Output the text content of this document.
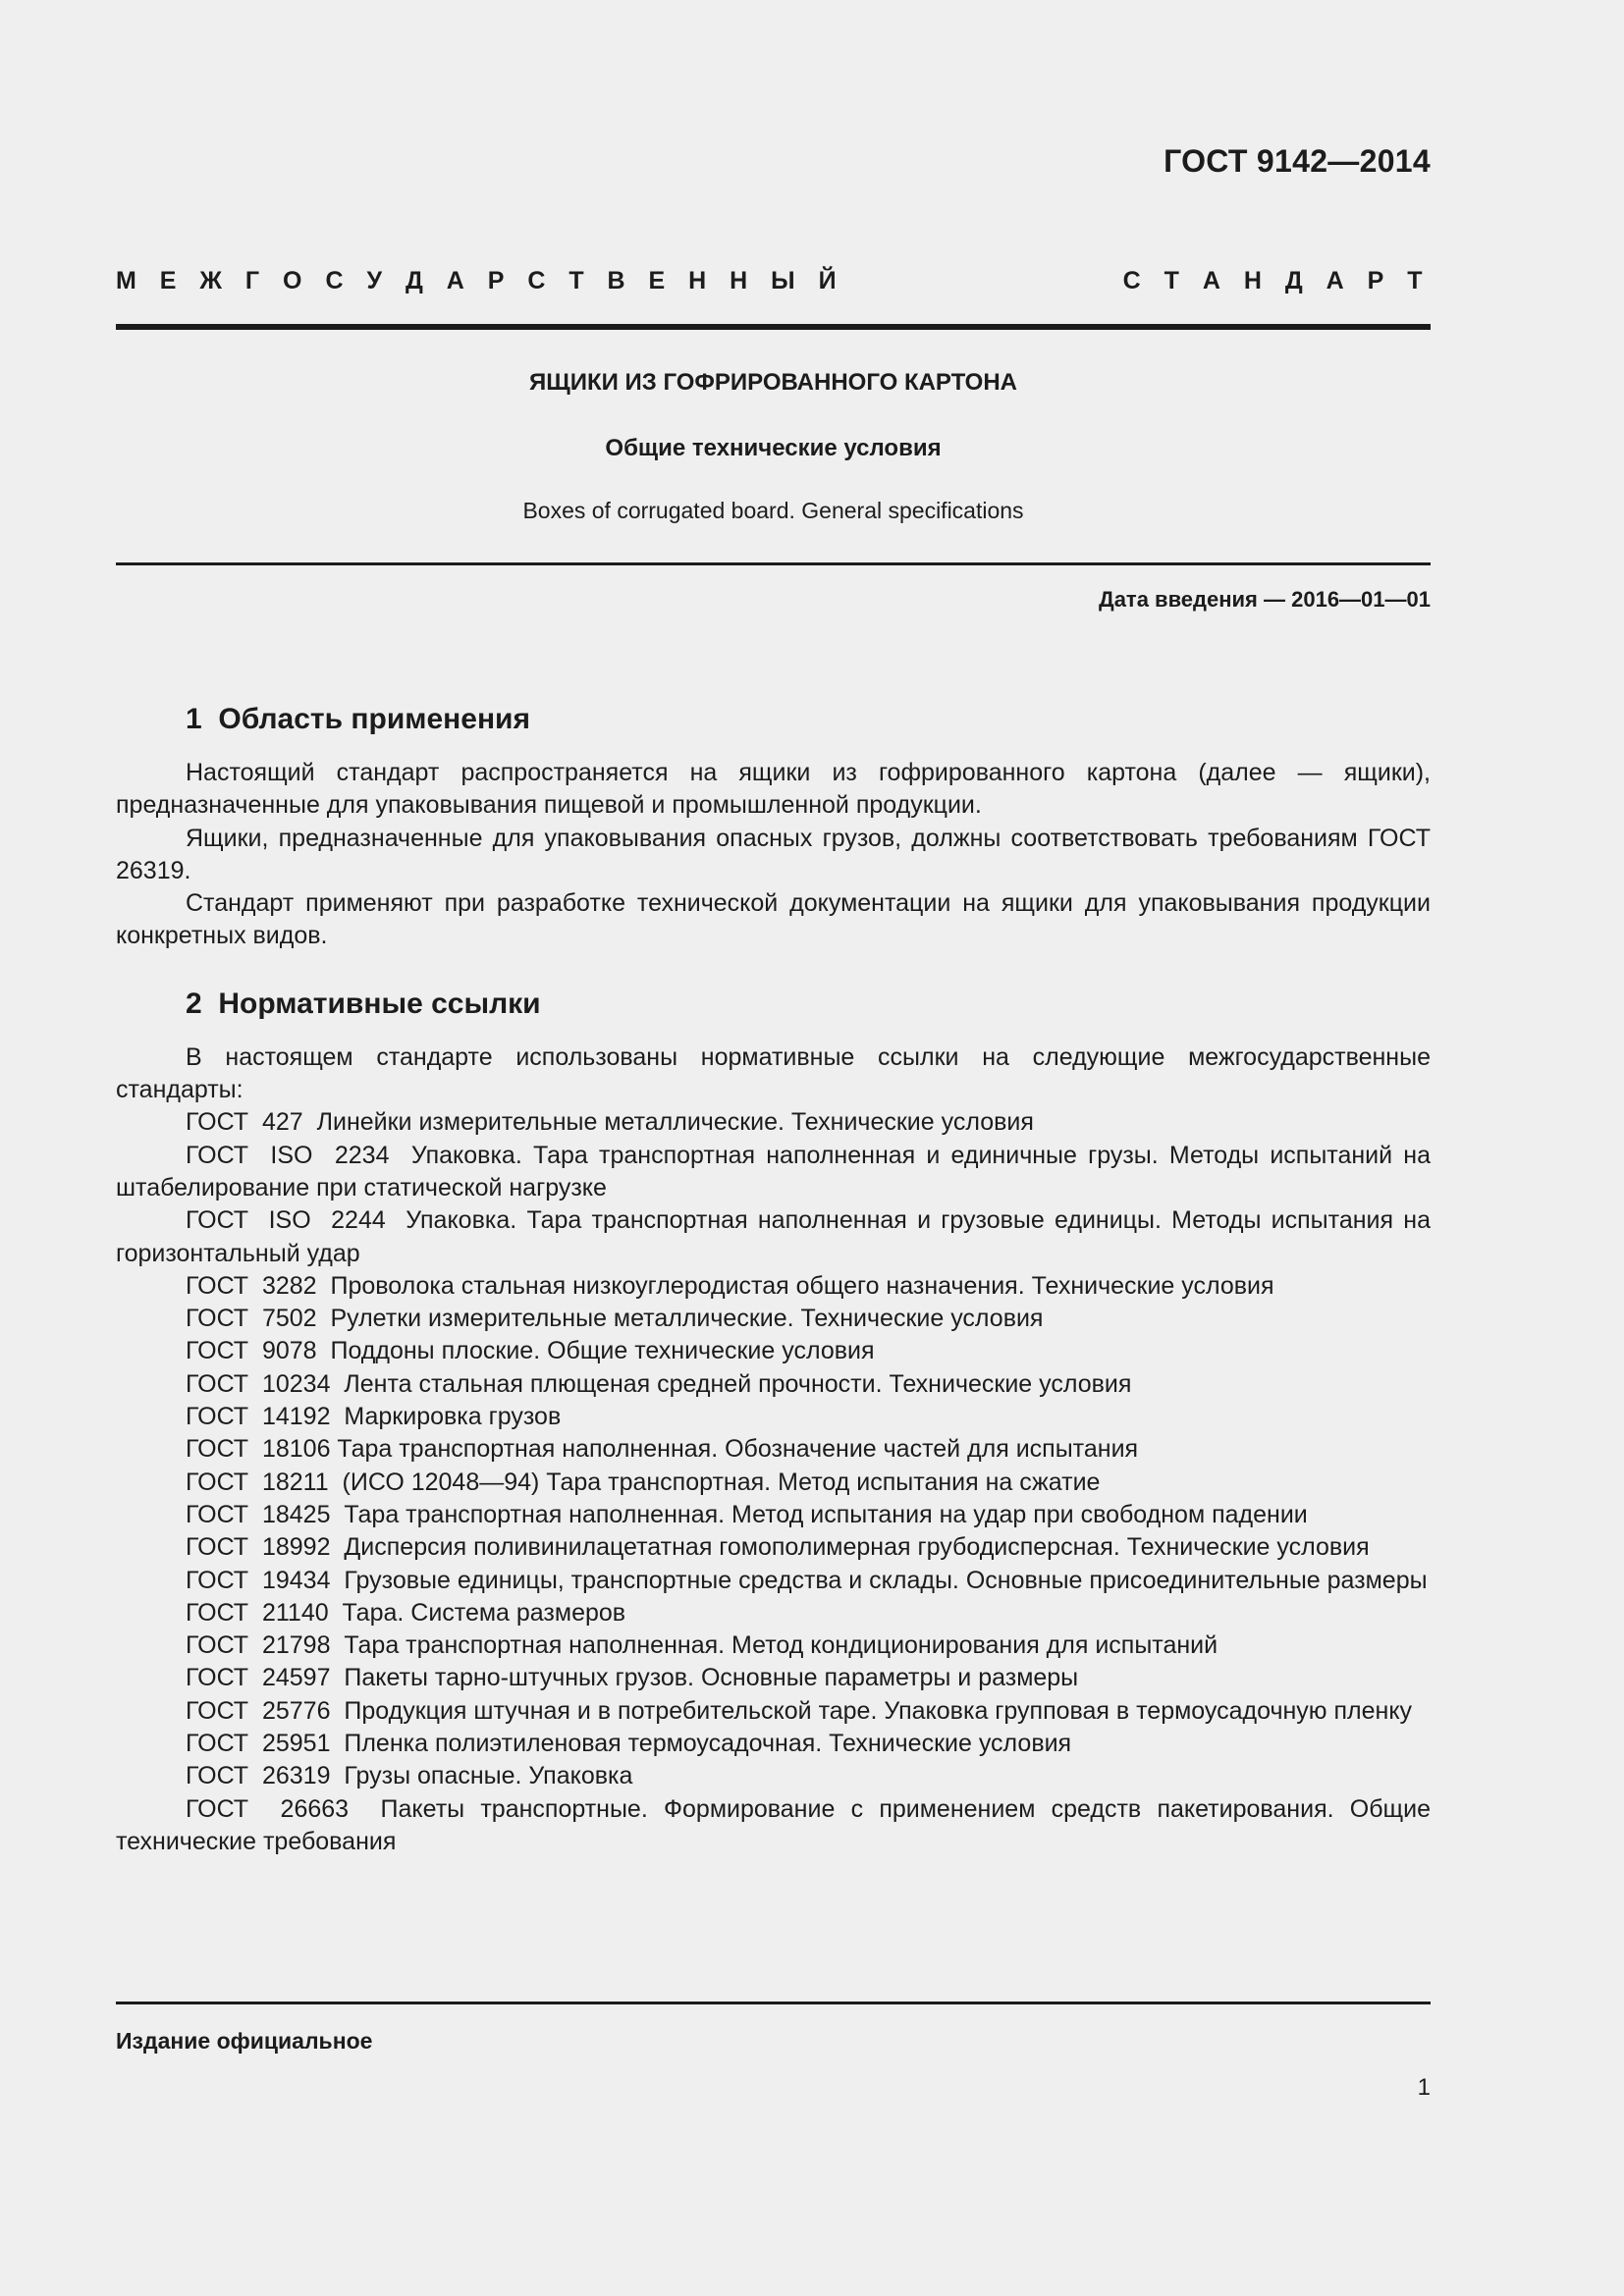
ГОСТ 9142—2014
М Е Ж Г О С У Д А Р С Т В Е Н Н Ы Й	С Т А Н Д А Р Т
ЯЩИКИ ИЗ ГОФРИРОВАННОГО КАРТОНА
Общие технические условия
Boxes of corrugated board. General specifications
Дата введения — 2016—01—01
1  Область применения

Настоящий стандарт распространяется на ящики из гофрированного картона (далее — ящики), предназначенные для упаковывания пищевой и промышленной продукции.

Ящики, предназначенные для упаковывания опасных грузов, должны соответствовать требованиям ГОСТ 26319.

Стандарт применяют при разработке технической документации на ящики для упаковывания продукции конкретных видов.

2  Нормативные ссылки

В настоящем стандарте использованы нормативные ссылки на следующие межгосударственные стандарты:

ГОСТ  427  Линейки измерительные металлические. Технические условия

ГОСТ  ISO  2234  Упаковка. Тара транспортная наполненная и единичные грузы. Методы испытаний на штабелирование при статической нагрузке

ГОСТ  ISO  2244  Упаковка. Тара транспортная наполненная и грузовые единицы. Методы испытания на горизонтальный удар

ГОСТ  3282  Проволока стальная низкоуглеродистая общего назначения. Технические условия

ГОСТ  7502  Рулетки измерительные металлические. Технические условия

ГОСТ  9078  Поддоны плоские. Общие технические условия

ГОСТ  10234  Лента стальная плющеная средней прочности. Технические условия

ГОСТ  14192  Маркировка грузов

ГОСТ  18106 Тара транспортная наполненная. Обозначение частей для испытания

ГОСТ  18211  (ИСО 12048—94) Тара транспортная. Метод испытания на сжатие

ГОСТ  18425  Тара транспортная наполненная. Метод испытания на удар при свободном падении

ГОСТ  18992  Дисперсия поливинилацетатная гомополимерная грубодисперсная. Технические условия

ГОСТ  19434  Грузовые единицы, транспортные средства и склады. Основные присоединительные размеры

ГОСТ  21140  Тара. Система размеров

ГОСТ  21798  Тара транспортная наполненная. Метод кондиционирования для испытаний

ГОСТ  24597  Пакеты тарно-штучных грузов. Основные параметры и размеры

ГОСТ  25776  Продукция штучная и в потребительской таре. Упаковка групповая в термоусадочную пленку

ГОСТ  25951  Пленка полиэтиленовая термоусадочная. Технические условия

ГОСТ  26319  Грузы опасные. Упаковка

ГОСТ  26663  Пакеты транспортные. Формирование с применением средств пакетирования. Общие технические требования

Издание официальное
1
